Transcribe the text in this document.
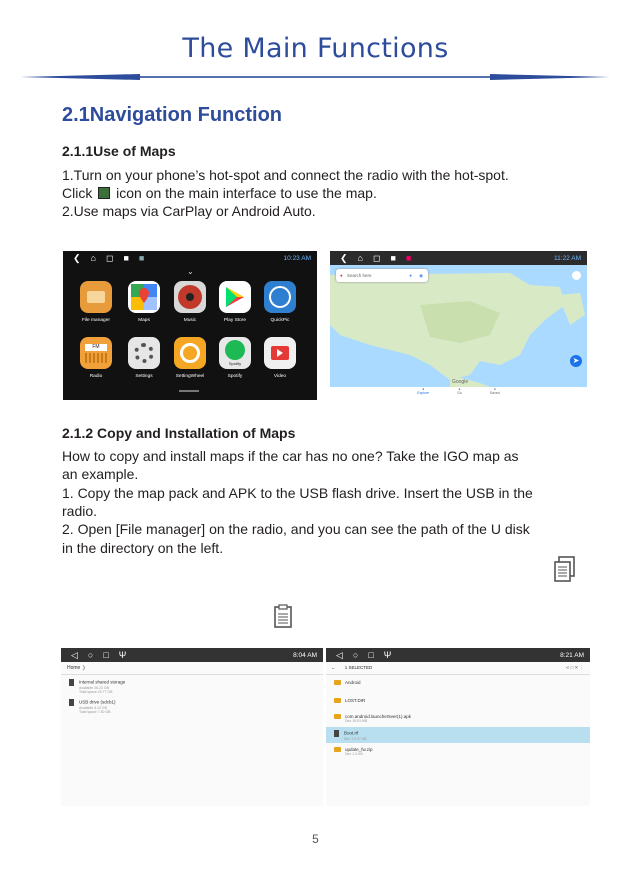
The Main Functions
2.1Navigation Function
2.1.1Use of Maps
1.Turn on your phone’s hot-spot and connect the radio with the hot-spot.
Click icon on the main interface to use the map.
2.Use maps via CarPlay or Android Auto.
❮ ⌂ ◻ ■ ■	10:23 AM
⌄
File manager	Maps	Music	Play Store	QuickPic
FM
Radio	Settings	SettingWheel
Spotify
Spotify	Video
❮ ⌂ ◻ ■ ■	11:22 AM
● Search here	● ◉
➤
Google
●
Explore
●
Go
●
Saved
2.1.2 Copy and Installation of Maps
How to copy and install maps if the car has no one? Take the IGO map as
an example.
1. Copy the map pack and APK to the USB flash drive. Insert the USB in the
radio.
2. Open [File manager] on the radio, and you can see the path of the U disk
in the directory on the left.
◁ ○ □ Ψ	8:04 AM
Home ❯
Internal shared storage
Available 26.23 GB
Total space 29.77 GB
USB drive (sdcb1)
Available 4.10 GB
Total space 7.50 GB
◁ ○ □ Ψ	8:21 AM
← 1 SELECTED	⋖ □ ✕ ⋮
Android
LOST.DIR
com.android.launcher5ver(1).apk
Dec 15.93 MB
Boot.rif
Dec 7.6 37 KB
update_fw.zip
Dec 1.3 KB
5
